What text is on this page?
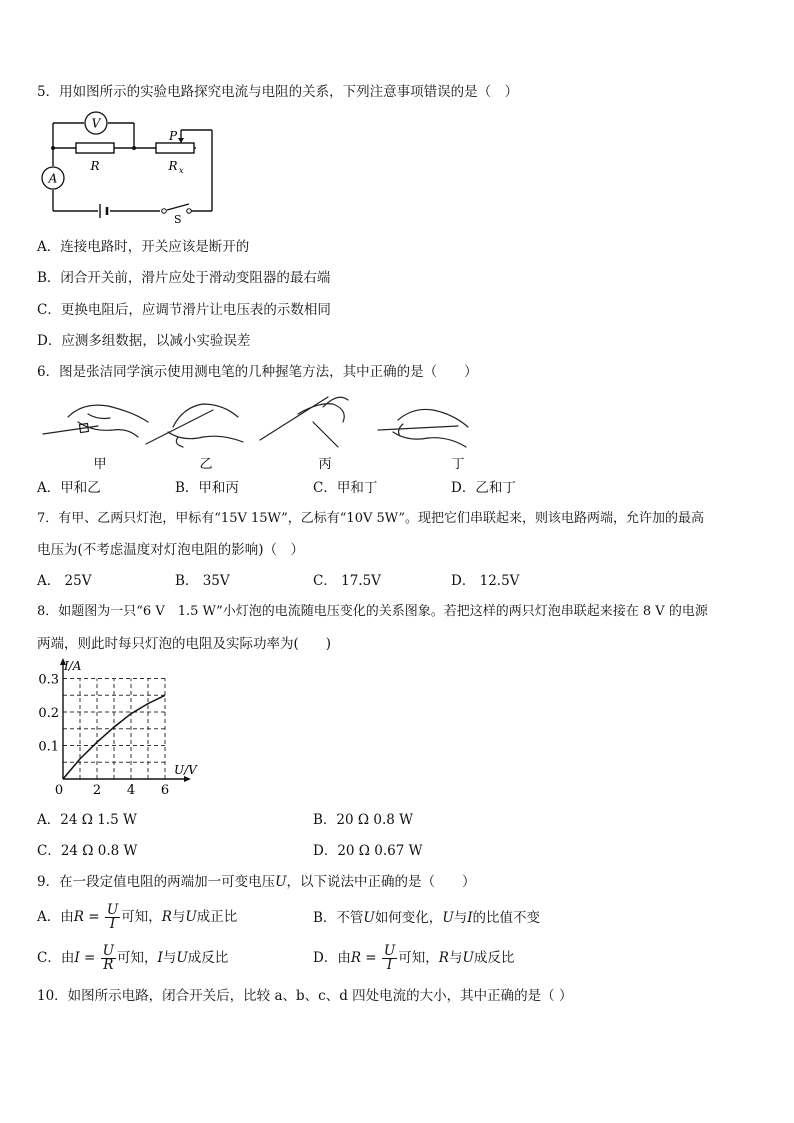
5．用如图所示的实验电路探究电流与电阻的关系，下列注意事项错误的是（　）
V
A
R	R x
P
S
A．连接电路时，开关应该是断开的
B．闭合开关前，滑片应处于滑动变阻器的最右端
C．更换电阻后，应调节滑片让电压表的示数相同
D．应测多组数据，以减小实验误差
6．图是张洁同学演示使用测电笔的几种握笔方法，其中正确的是（　　）
甲	乙	丙	丁
A．甲和乙	B．甲和丙	C．甲和丁	D．乙和丁
7．有甲、乙两只灯泡，甲标有“15V 15W”，乙标有“10V 5W”。现把它们串联起来，则该电路两端，允许加的最高
电压为(不考虑温度对灯泡电阻的影响)（　）
A． 25V	B． 35V	C． 17.5V	D． 12.5V
8．如题图为一只“6 V　1.5 W”小灯泡的电流随电压变化的关系图象。若把这样的两只灯泡串联起来接在 8 V 的电源
两端，则此时每只灯泡的电阻及实际功率为(　　)
0 2 4 6
0.1
0.2
0.3
I/A
U/V
A．24 Ω 1.5 W	B．20 Ω 0.8 W
C．24 Ω 0.8 W	D．20 Ω 0.67 W
9．在一段定值电阻的两端加一可变电压U，以下说法中正确的是（　　）
A．由$R = \frac{U}{I}$ 可知，R与U成正比	B．不管U如何变化，U与I的比值不变
C．由$I = \frac{U}{R}$ 可知，I与U成反比	D．由$R = \frac{U}{I}$ 可知，R与U成反比
10．如图所示电路，闭合开关后，比较 a、b、c、d 四处电流的大小，其中正确的是（ ）
